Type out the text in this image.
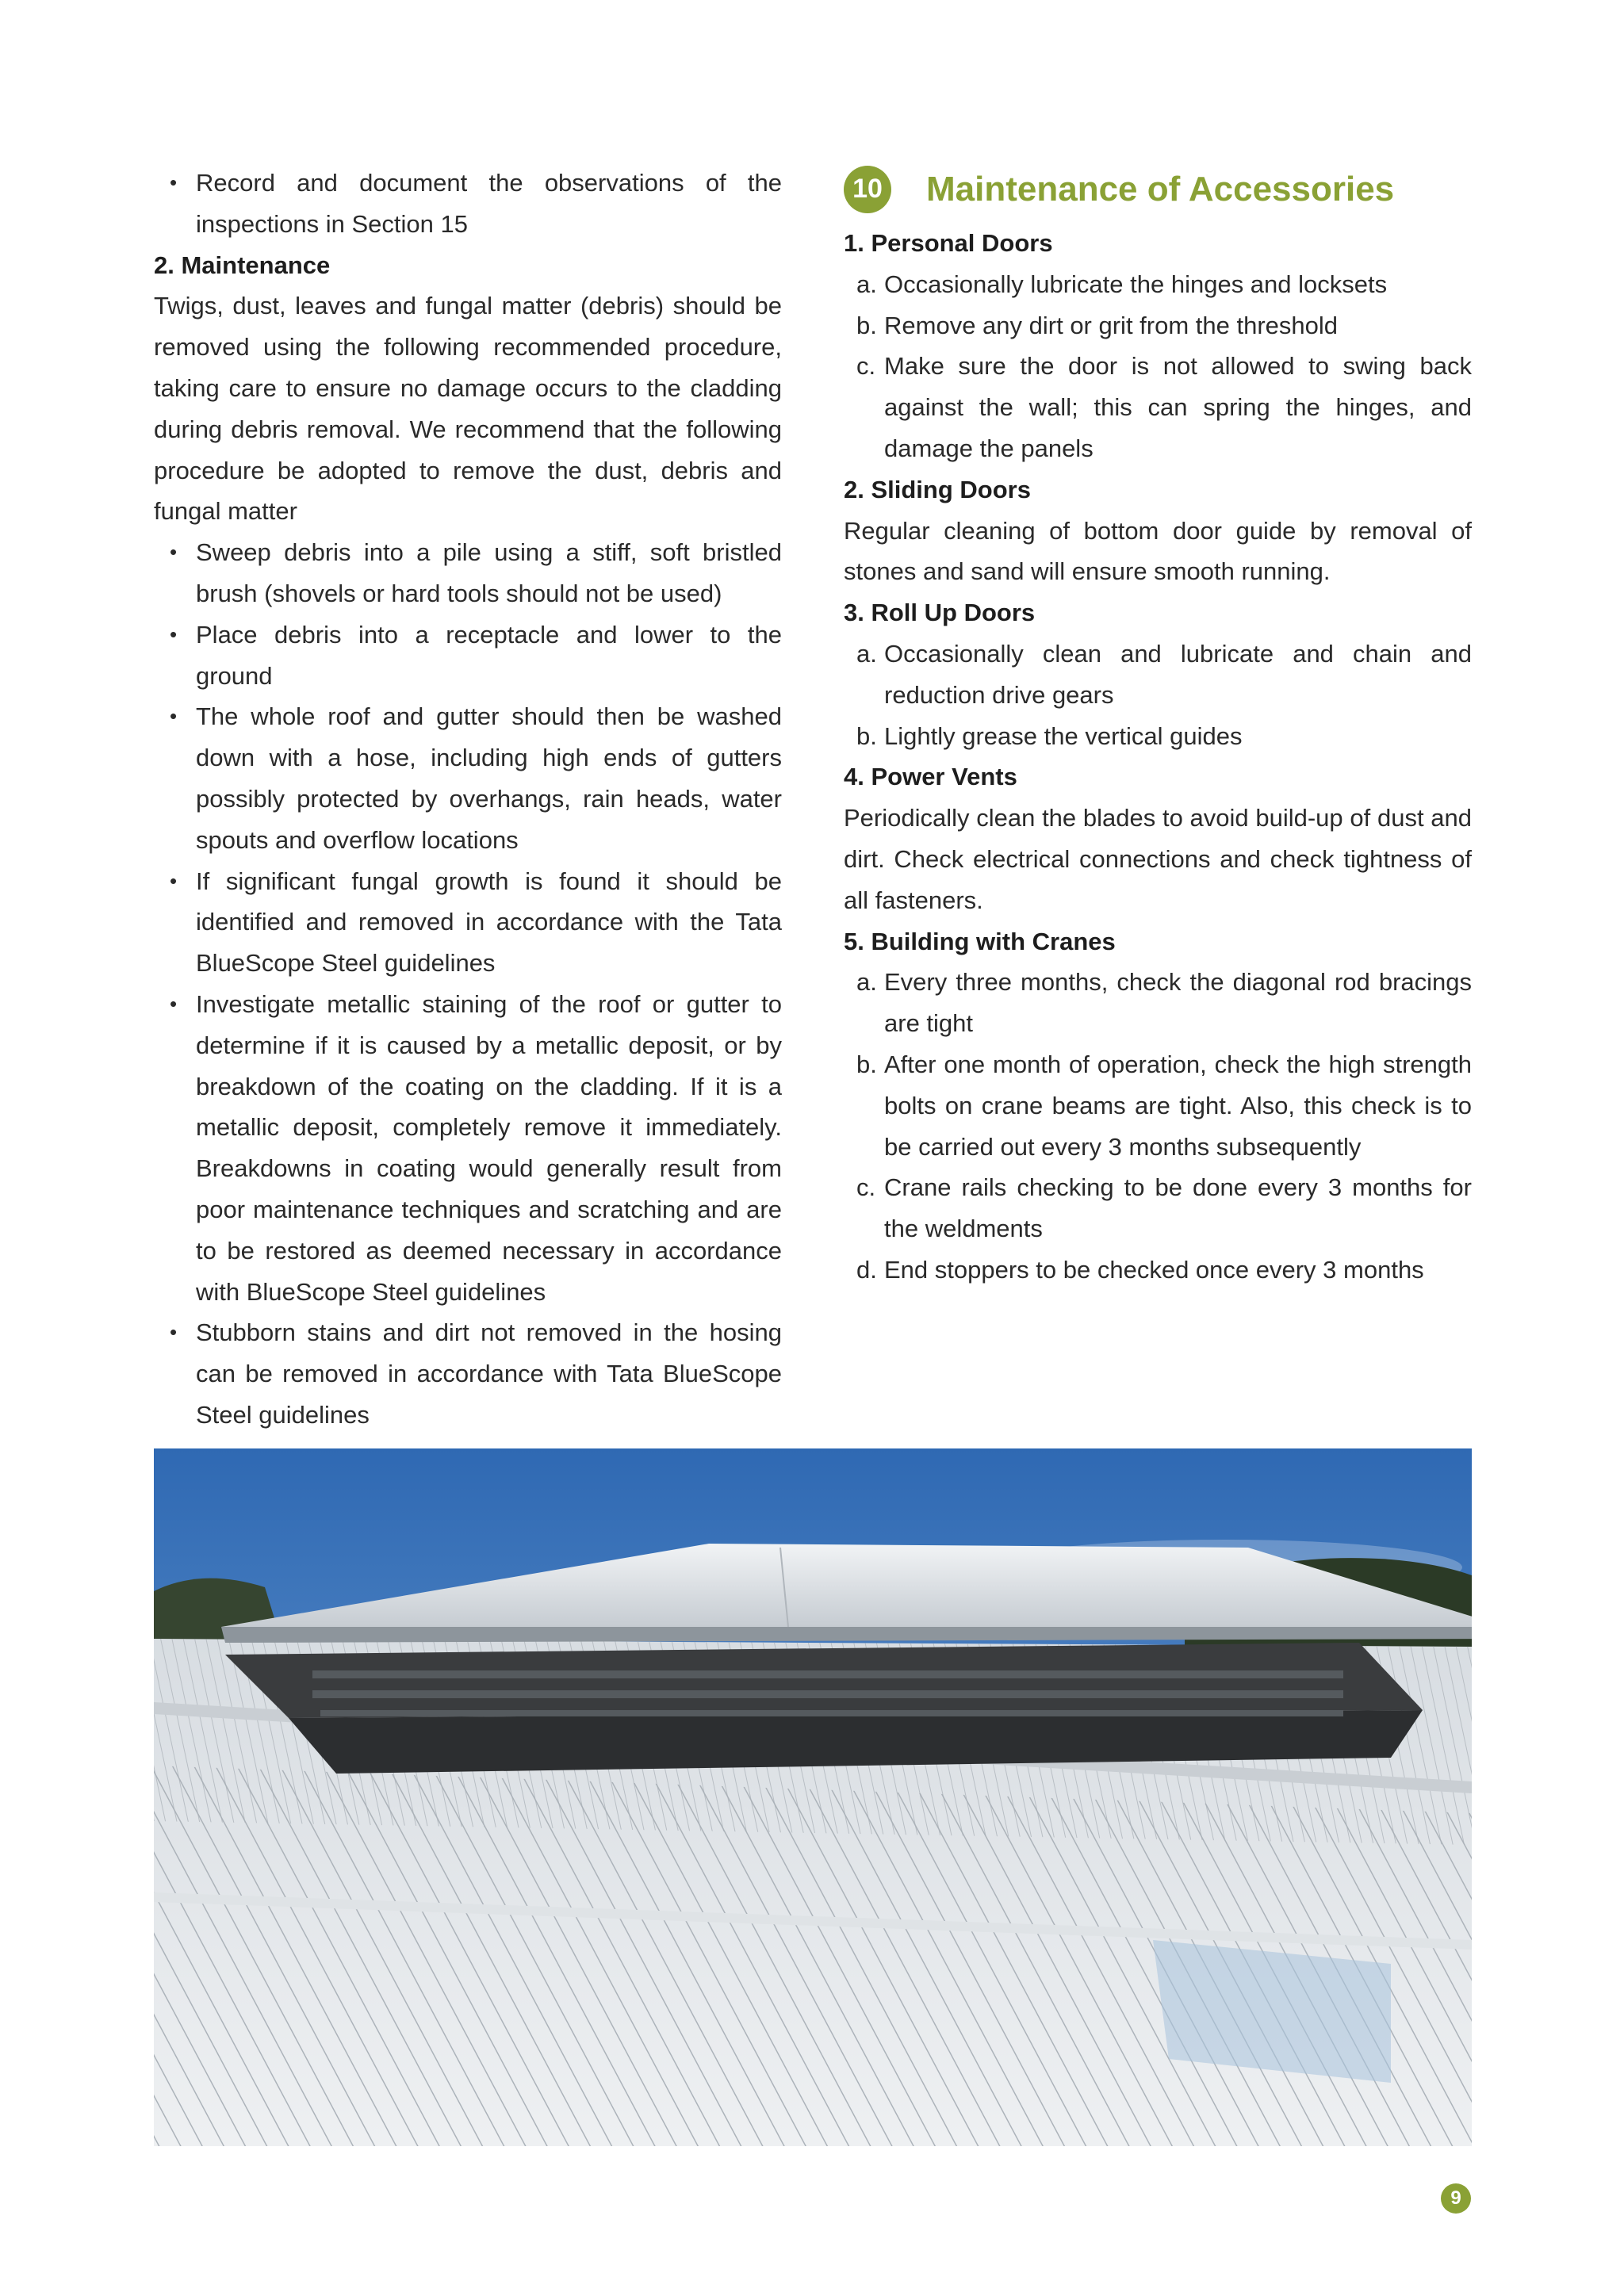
• Record and document the observations of the inspections in Section 15

2. Maintenance

Twigs, dust, leaves and fungal matter (debris) should be removed using the following recommended procedure, taking care to ensure no damage occurs to the cladding during debris removal. We recommend that the following procedure be adopted to remove the dust, debris and fungal matter

• Sweep debris into a pile using a stiff, soft bristled brush (shovels or hard tools should not be used)
• Place debris into a receptacle and lower to the ground
• The whole roof and gutter should then be washed down with a hose, including high ends of gutters possibly protected by overhangs, rain heads, water spouts and overflow locations
• If significant fungal growth is found it should be identified and removed in accordance with the Tata BlueScope Steel guidelines
• Investigate metallic staining of the roof or gutter to determine if it is caused by a metallic deposit, or by breakdown of the coating on the cladding. If it is a metallic deposit, completely remove it immediately. Breakdowns in coating would generally result from poor maintenance techniques and scratching and are to be restored as deemed necessary in accordance with BlueScope Steel guidelines
• Stubborn stains and dirt not removed in the hosing can be removed in accordance with Tata BlueScope Steel guidelines
10 Maintenance of Accessories

1. Personal Doors

a. Occasionally lubricate the hinges and locksets
b. Remove any dirt or grit from the threshold
c. Make sure the door is not allowed to swing back against the wall; this can spring the hinges, and damage the panels

2. Sliding Doors

Regular cleaning of bottom door guide by removal of stones and sand will ensure smooth running.

3. Roll Up Doors

a. Occasionally clean and lubricate and chain and reduction drive gears
b. Lightly grease the vertical guides

4. Power Vents

Periodically clean the blades to avoid build-up of dust and dirt. Check electrical connections and check tightness of all fasteners.

5. Building with Cranes

a. Every three months, check the diagonal rod bracings are tight
b. After one month of operation, check the high strength bolts on crane beams are tight. Also, this check is to be carried out every 3 months subsequently
c. Crane rails checking to be done every 3 months for the weldments
d. End stoppers to be checked once every 3 months
9
